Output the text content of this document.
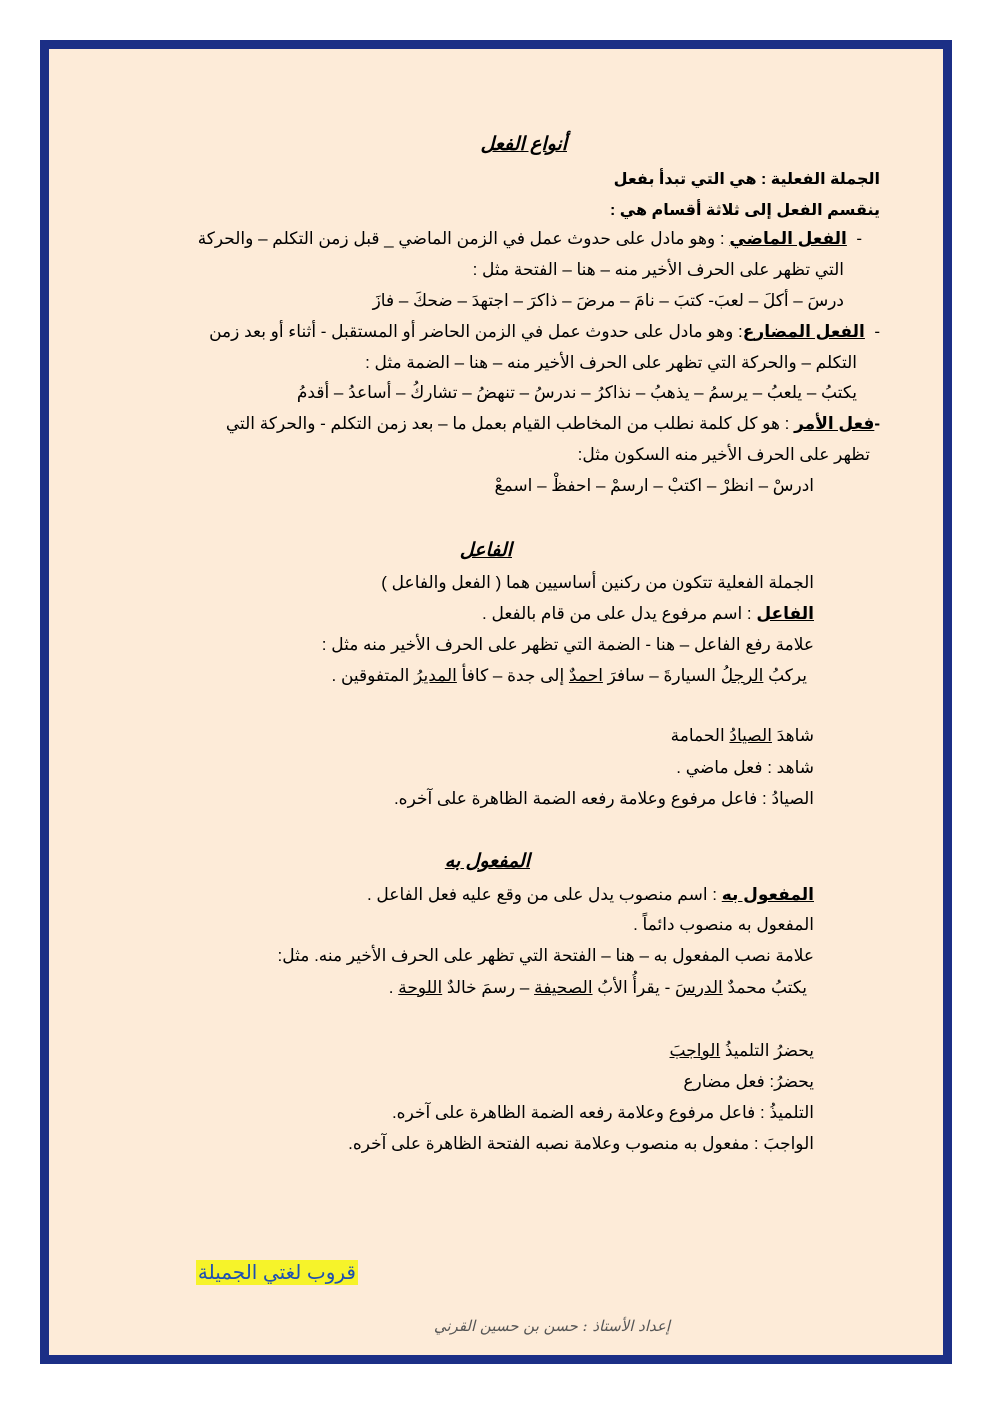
أنواع الفعل
الجملة الفعلية : هي التي تبدأ بفعل
ينقسم الفعل إلى ثلاثة أقسام هي :
-  الفعل الماضي : وهو مادل على حدوث عمل في الزمن الماضي _ قبل زمن التكلم – والحركة
التي تظهر على الحرف الأخير منه – هنا – الفتحة مثل :
درسَ – أكلَ – لعبَ- كتبَ – نامَ – مرضَ – ذاكرَ – اجتهدَ – ضحكَ – فازَ
-  الفعل المضارع: وهو مادل على حدوث عمل في الزمن الحاضر أو المستقبل - أثناء أو بعد زمن
التكلم – والحركة التي تظهر على الحرف الأخير منه – هنا – الضمة مثل :
يكتبُ – يلعبُ – يرسمُ – يذهبُ – نذاكرُ – ندرسُ – تنهضُ – تشاركُ – أساعدُ – أقدمُ
-فعل الأمر : هو كل كلمة نطلب من المخاطب القيام بعمل ما – بعد زمن التكلم - والحركة التي
تظهر على الحرف الأخير منه السكون مثل:
ادرسْ – انظرْ – اكتبْ – ارسمْ – احفظْ – اسمعْ
الفاعل
الجملة الفعلية تتكون من ركنين أساسيين هما ( الفعل والفاعل )
الفاعل : اسم مرفوع يدل على من قام بالفعل .
علامة رفع الفاعل – هنا - الضمة التي تظهر على الحرف الأخير منه مثل :
يركبُ الرجلُ السيارةَ – سافرَ احمدٌ إلى جدة – كافأ المديرُ المتفوقين .
شاهدَ الصيادُ الحمامة
شاهد : فعل ماضي .
الصيادُ : فاعل مرفوع وعلامة رفعه الضمة الظاهرة على آخره.
المفعول به
المفعول به : اسم منصوب يدل على من وقع عليه فعل الفاعل .
المفعول به منصوب دائماً .
علامة نصب المفعول به – هنا – الفتحة التي تظهر على الحرف الأخير منه. مثل:
يكتبُ محمدٌ الدرسَ - يقرأُ الأبُ الصحيفة – رسمَ خالدٌ اللوحة .
يحضرُ التلميذُ الواجبَ
يحضرُ: فعل مضارع
التلميذُ : فاعل مرفوع وعلامة رفعه الضمة الظاهرة على آخره.
الواجبَ : مفعول به منصوب وعلامة نصبه الفتحة الظاهرة على آخره.
قروب لغتي الجميلة
إعداد الأستاذ : حسن بن حسين القرني
